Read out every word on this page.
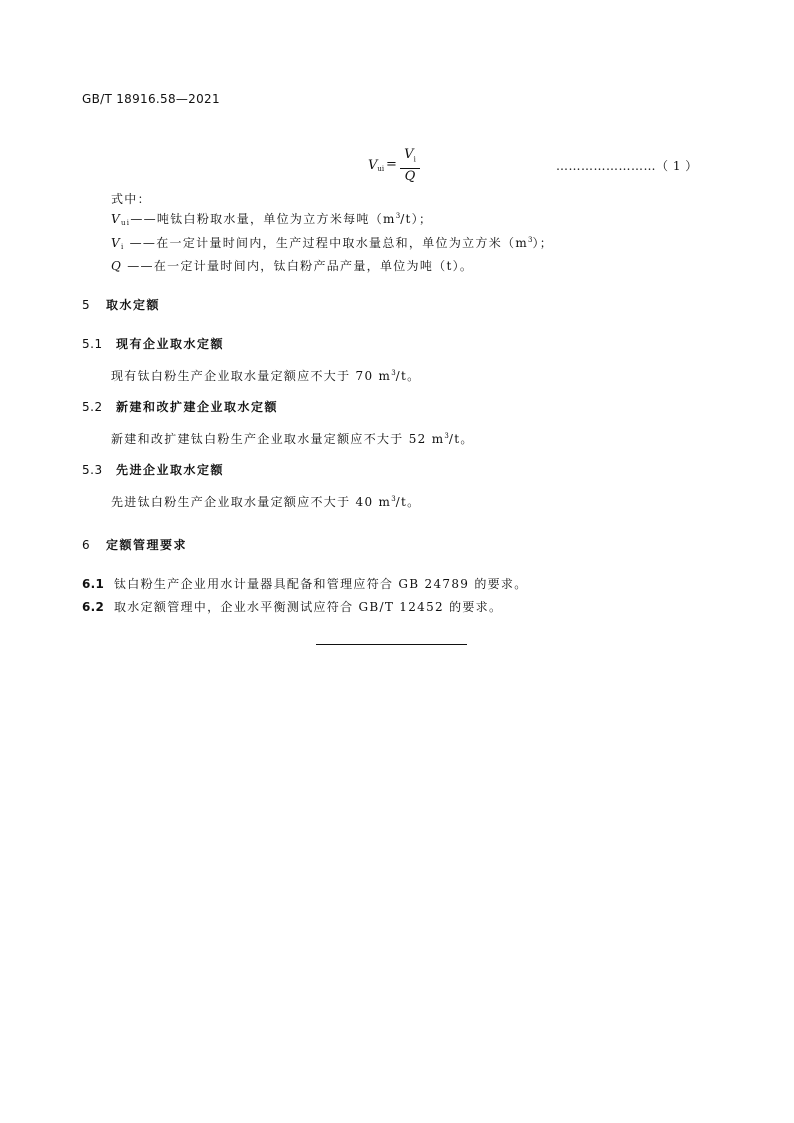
GB/T 18916.58—2021
$V_{ui}$ =
$V_i$
Q
……………………（ 1 ）
式中：
$V_{ui}——$吨钛白粉取水量，单位为立方米每吨$(m^3/t)$；
$V_i$ ——在一定计量时间内，生产过程中取水量总和，单位为立方米$(m^3)$；
Q ——在一定计量时间内，钛白粉产品产量，单位为吨（t）。
5 取水定额
5.1 现有企业取水定额
现有钛白粉生产企业取水量定额应不大于 70 $m^3/t$。
5.2 新建和改扩建企业取水定额
新建和改扩建钛白粉生产企业取水量定额应不大于 52 $m^3/t$。
5.3 先进企业取水定额
先进钛白粉生产企业取水量定额应不大于 40 $m^3/t$。
6 定额管理要求
6.1 钛白粉生产企业用水计量器具配备和管理应符合 GB 24789 的要求。
6.2 取水定额管理中，企业水平衡测试应符合 GB/T 12452 的要求。
